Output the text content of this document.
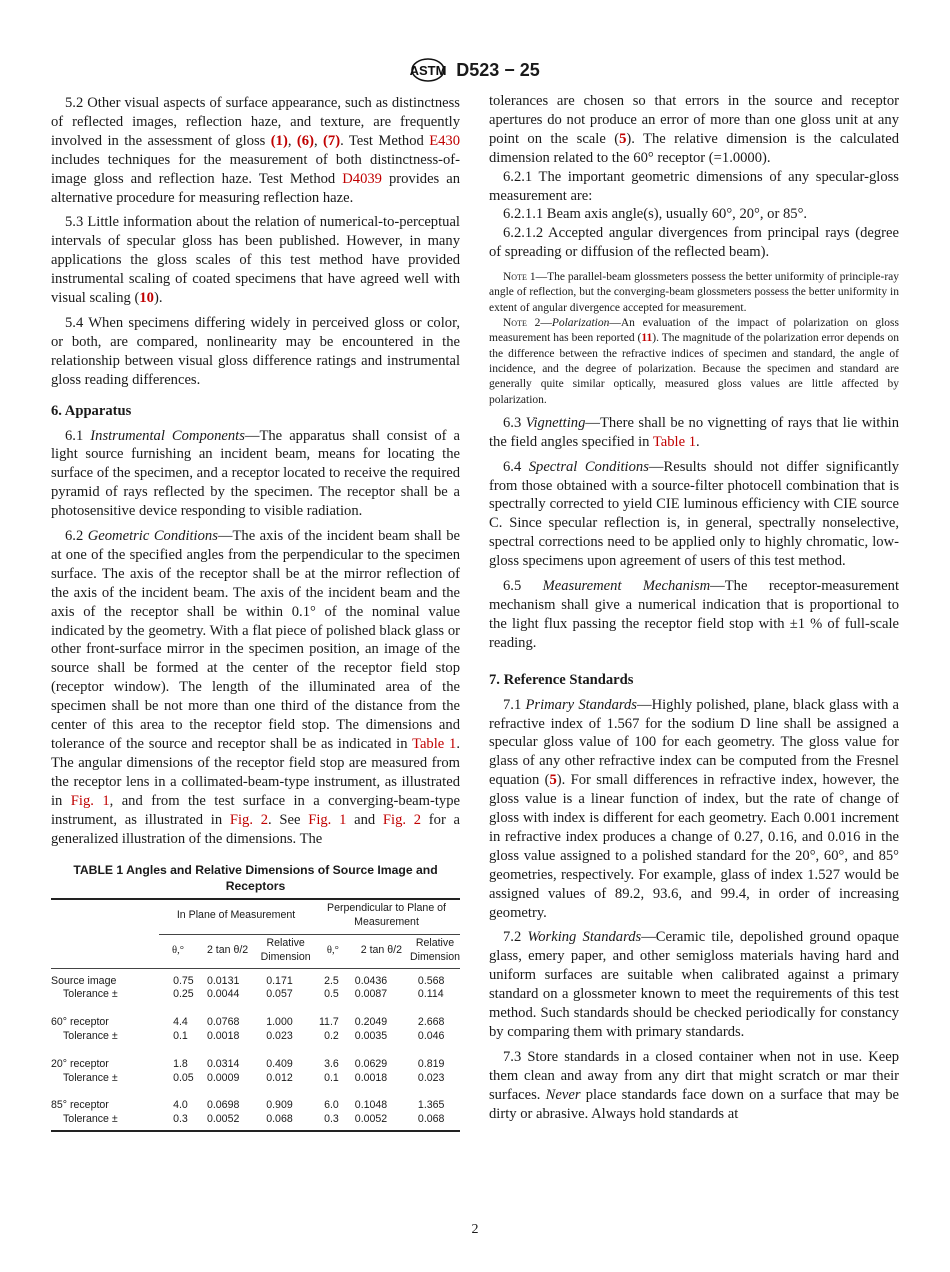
ASTM D523 − 25

5.2 Other visual aspects of surface appearance, such as distinctness of reflected images, reflection haze, and texture, are frequently involved in the assessment of gloss (1), (6), (7). Test Method E430 includes techniques for the measurement of both distinctness-of-image gloss and reflection haze. Test Method D4039 provides an alternative procedure for measuring reflection haze.

5.3 Little information about the relation of numerical-to-perceptual intervals of specular gloss has been published. However, in many applications the gloss scales of this test method have provided instrumental scaling of coated specimens that have agreed well with visual scaling (10).

5.4 When specimens differing widely in perceived gloss or color, or both, are compared, nonlinearity may be encountered in the relationship between visual gloss difference ratings and instrumental gloss reading differences.

6. Apparatus

6.1 Instrumental Components—The apparatus shall consist of a light source furnishing an incident beam, means for locating the surface of the specimen, and a receptor located to receive the required pyramid of rays reflected by the specimen. The receptor shall be a photosensitive device responding to visible radiation.

6.2 Geometric Conditions—The axis of the incident beam shall be at one of the specified angles from the perpendicular to the specimen surface. The axis of the receptor shall be at the mirror reflection of the axis of the incident beam. The axis of the incident beam and the axis of the receptor shall be within 0.1° of the nominal value indicated by the geometry. With a flat piece of polished black glass or other front-surface mirror in the specimen position, an image of the source shall be formed at the center of the receptor field stop (receptor window). The length of the illuminated area of the specimen shall be not more than one third of the distance from the center of this area to the receptor field stop. The dimensions and tolerance of the source and receptor shall be as indicated in Table 1. The angular dimensions of the receptor field stop are measured from the receptor lens in a collimated-beam-type instrument, as illustrated in Fig. 1, and from the test surface in a converging-beam-type instrument, as illustrated in Fig. 2. See Fig. 1 and Fig. 2 for a generalized illustration of the dimensions. The

TABLE 1 Angles and Relative Dimensions of Source Image and Receptors

	In Plane of Measurement			Perpendicular to Plane of Measurement		
	θ,°	2 tan θ/2	Relative Dimension	θ,°	2 tan θ/2	Relative Dimension
Source image	0.75	0.0131	0.171	2.5	0.0436	0.568
Tolerance ±	0.25	0.0044	0.057	0.5	0.0087	0.114

60° receptor	4.4	0.0768	1.000	11.7	0.2049	2.668
Tolerance ±	0.1	0.0018	0.023	0.2	0.0035	0.046

20° receptor	1.8	0.0314	0.409	3.6	0.0629	0.819
Tolerance ±	0.05	0.0009	0.012	0.1	0.0018	0.023

85° receptor	4.0	0.0698	0.909	6.0	0.1048	1.365
Tolerance ±	0.3	0.0052	0.068	0.3	0.0052	0.068

tolerances are chosen so that errors in the source and receptor apertures do not produce an error of more than one gloss unit at any point on the scale (5). The relative dimension is the calculated dimension related to the 60° receptor (=1.0000).

6.2.1 The important geometric dimensions of any specular-gloss measurement are:

6.2.1.1 Beam axis angle(s), usually 60°, 20°, or 85°.

6.2.1.2 Accepted angular divergences from principal rays (degree of spreading or diffusion of the reflected beam).

Note 1—The parallel-beam glossmeters possess the better uniformity of principle-ray angle of reflection, but the converging-beam glossmeters possess the better uniformity in extent of angular divergence accepted for measurement.

Note 2—Polarization—An evaluation of the impact of polarization on gloss measurement has been reported (11). The magnitude of the polarization error depends on the difference between the refractive indices of specimen and standard, the angle of incidence, and the degree of polarization. Because the specimen and standard are generally quite similar optically, measured gloss values are little affected by polarization.

6.3 Vignetting—There shall be no vignetting of rays that lie within the field angles specified in Table 1.

6.4 Spectral Conditions—Results should not differ significantly from those obtained with a source-filter photocell combination that is spectrally corrected to yield CIE luminous efficiency with CIE source C. Since specular reflection is, in general, spectrally nonselective, spectral corrections need to be applied only to highly chromatic, low-gloss specimens upon agreement of users of this test method.

6.5 Measurement Mechanism—The receptor-measurement mechanism shall give a numerical indication that is proportional to the light flux passing the receptor field stop with ±1 % of full-scale reading.

7. Reference Standards

7.1 Primary Standards—Highly polished, plane, black glass with a refractive index of 1.567 for the sodium D line shall be assigned a specular gloss value of 100 for each geometry. The gloss value for glass of any other refractive index can be computed from the Fresnel equation (5). For small differences in refractive index, however, the gloss value is a linear function of index, but the rate of change of gloss with index is different for each geometry. Each 0.001 increment in refractive index produces a change of 0.27, 0.16, and 0.016 in the gloss value assigned to a polished standard for the 20°, 60°, and 85° geometries, respectively. For example, glass of index 1.527 would be assigned values of 89.2, 93.6, and 99.4, in order of increasing geometry.

7.2 Working Standards—Ceramic tile, depolished ground opaque glass, emery paper, and other semigloss materials having hard and uniform surfaces are suitable when calibrated against a primary standard on a glossmeter known to meet the requirements of this test method. Such standards should be checked periodically for constancy by comparing them with primary standards.

7.3 Store standards in a closed container when not in use. Keep them clean and away from any dirt that might scratch or mar their surfaces. Never place standards face down on a surface that may be dirty or abrasive. Always hold standards at

2
